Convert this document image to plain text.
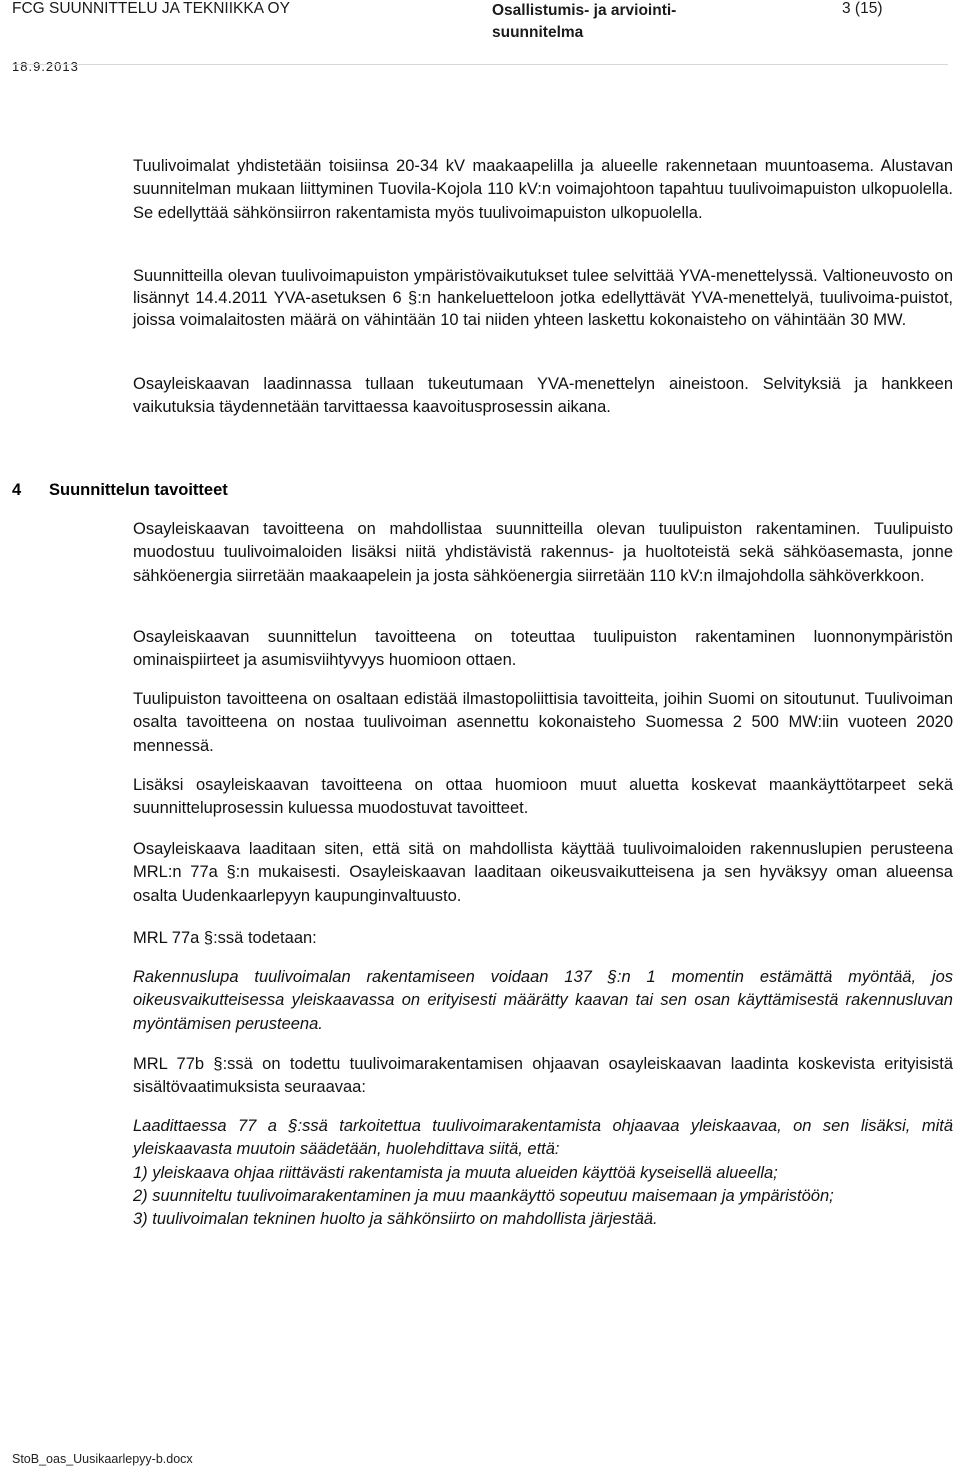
FCG SUUNNITTELU JA TEKNIIKKA OY
18.9.2013
Osallistumis- ja arviointi-suunnitelma
3 (15)

Tuulivoimalat yhdistetään toisiinsa 20-34 kV maakaapelilla ja alueelle rakennetaan muuntoasema. Alustavan suunnitelman mukaan liittyminen Tuovila-Kojola 110 kV:n voimajohtoon tapahtuu tuulivoimapuiston ulkopuolella. Se edellyttää sähkönsiirron rakentamista myös tuulivoimapuiston ulkopuolella.

Suunnitteilla olevan tuulivoimapuiston ympäristövaikutukset tulee selvittää YVA-menettelyssä. Valtioneuvosto on lisännyt 14.4.2011 YVA-asetuksen 6 §:n hankeluetteloon jotka edellyttävät YVA-menettelyä, tuulivoima-puistot, joissa voimalaitosten määrä on vähintään 10 tai niiden yhteen laskettu kokonaisteho on vähintään 30 MW.

Osayleiskaavan laadinnassa tullaan tukeutumaan YVA-menettelyn aineistoon. Selvityksiä ja hankkeen vaikutuksia täydennetään tarvittaessa kaavoitusprosessin aikana.

4 Suunnittelun tavoitteet

Osayleiskaavan tavoitteena on mahdollistaa suunnitteilla olevan tuulipuiston rakentaminen. Tuulipuisto muodostuu tuulivoimaloiden lisäksi niitä yhdistävistä rakennus- ja huoltoteistä sekä sähköasemasta, jonne sähköenergia siirretään maakaapelein ja josta sähköenergia siirretään 110 kV:n ilmajohdolla sähköverkkoon.

Osayleiskaavan suunnittelun tavoitteena on toteuttaa tuulipuiston rakentaminen luonnonympäristön ominaispiirteet ja asumisviihtyvyys huomioon ottaen.

Tuulipuiston tavoitteena on osaltaan edistää ilmastopoliittisia tavoitteita, joihin Suomi on sitoutunut. Tuulivoiman osalta tavoitteena on nostaa tuulivoiman asennettu kokonaisteho Suomessa 2 500 MW:iin vuoteen 2020 mennessä.

Lisäksi osayleiskaavan tavoitteena on ottaa huomioon muut aluetta koskevat maankäyttötarpeet sekä suunnitteluprosessin kuluessa muodostuvat tavoitteet.

Osayleiskaava laaditaan siten, että sitä on mahdollista käyttää tuulivoimaloiden rakennuslupien perusteena MRL:n 77a §:n mukaisesti. Osayleiskaavan laaditaan oikeusvaikutteisena ja sen hyväksyy oman alueensa osalta Uudenkaarlepyyn kaupunginvaltuusto.

MRL 77a §:ssä todetaan:

Rakennuslupa tuulivoimalan rakentamiseen voidaan 137 §:n 1 momentin estämättä myöntää, jos oikeusvaikutteisessa yleiskaavassa on erityisesti määrätty kaavan tai sen osan käyttämisestä rakennusluvan myöntämisen perusteena.

MRL 77b §:ssä on todettu tuulivoimarakentamisen ohjaavan osayleiskaavan laadinta koskevista erityisistä sisältövaatimuksista seuraavaa:

Laadittaessa 77 a §:ssä tarkoitettua tuulivoimarakentamista ohjaavaa yleiskaavaa, on sen lisäksi, mitä yleiskaavasta muutoin säädetään, huolehdittava siitä, että:

1) yleiskaava ohjaa riittävästi rakentamista ja muuta alueiden käyttöä kyseisellä alueella;

2) suunniteltu tuulivoimarakentaminen ja muu maankäyttö sopeutuu maisemaan ja ympäristöön;

3) tuulivoimalan tekninen huolto ja sähkönsiirto on mahdollista järjestää.

StoB_oas_Uusikaarlepyy-b.docx
